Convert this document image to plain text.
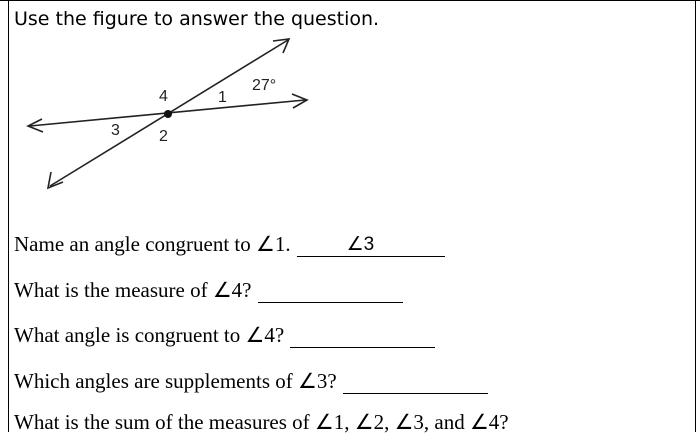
Use the figure to answer the question.
4	1
3 2
27°
Name an angle congruent to ∠1.	∠3
What is the measure of ∠4?
What angle is congruent to ∠4?
Which angles are supplements of ∠3?
What is the sum of the measures of ∠1, ∠2, ∠3, and ∠4?
